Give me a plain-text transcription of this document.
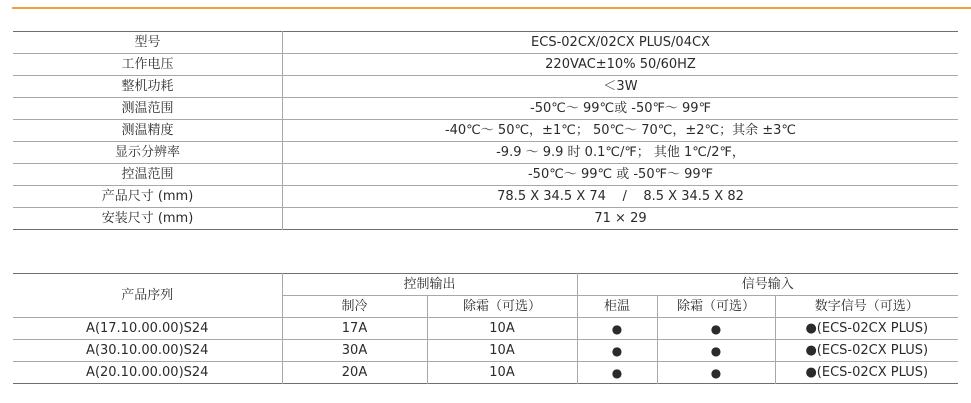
型号	ECS-02CX/02CX PLUS/04CX
工作电压	220VAC±10% 50/60HZ
整机功耗	＜3W
测温范围	-50℃～ 99℃或 -50℉～ 99℉
测温精度	-40℃～ 50℃，±1℃； 50℃～ 70℃，±2℃；其余 ±3℃
显示分辨率	-9.9 ～ 9.9 时 0.1℃/℉； 其他 1℃/2℉，
控温范围	-50℃～ 99℃ 或 -50℉～ 99℉
产品尺寸 (mm)	78.5 X 34.5 X 74    /    8.5 X 34.5 X 82
安装尺寸 (mm)	71 × 29
产品序列	控制输出		信号输入		
	制冷	除霜（可选）	柜温	除霜（可选）	数字信号（可选）
A(17.10.00.00)S24	17A	10A	●	●	●(ECS-02CX PLUS)
A(30.10.00.00)S24	30A	10A	●	●	●(ECS-02CX PLUS)
A(20.10.00.00)S24	20A	10A	●	●	●(ECS-02CX PLUS)
